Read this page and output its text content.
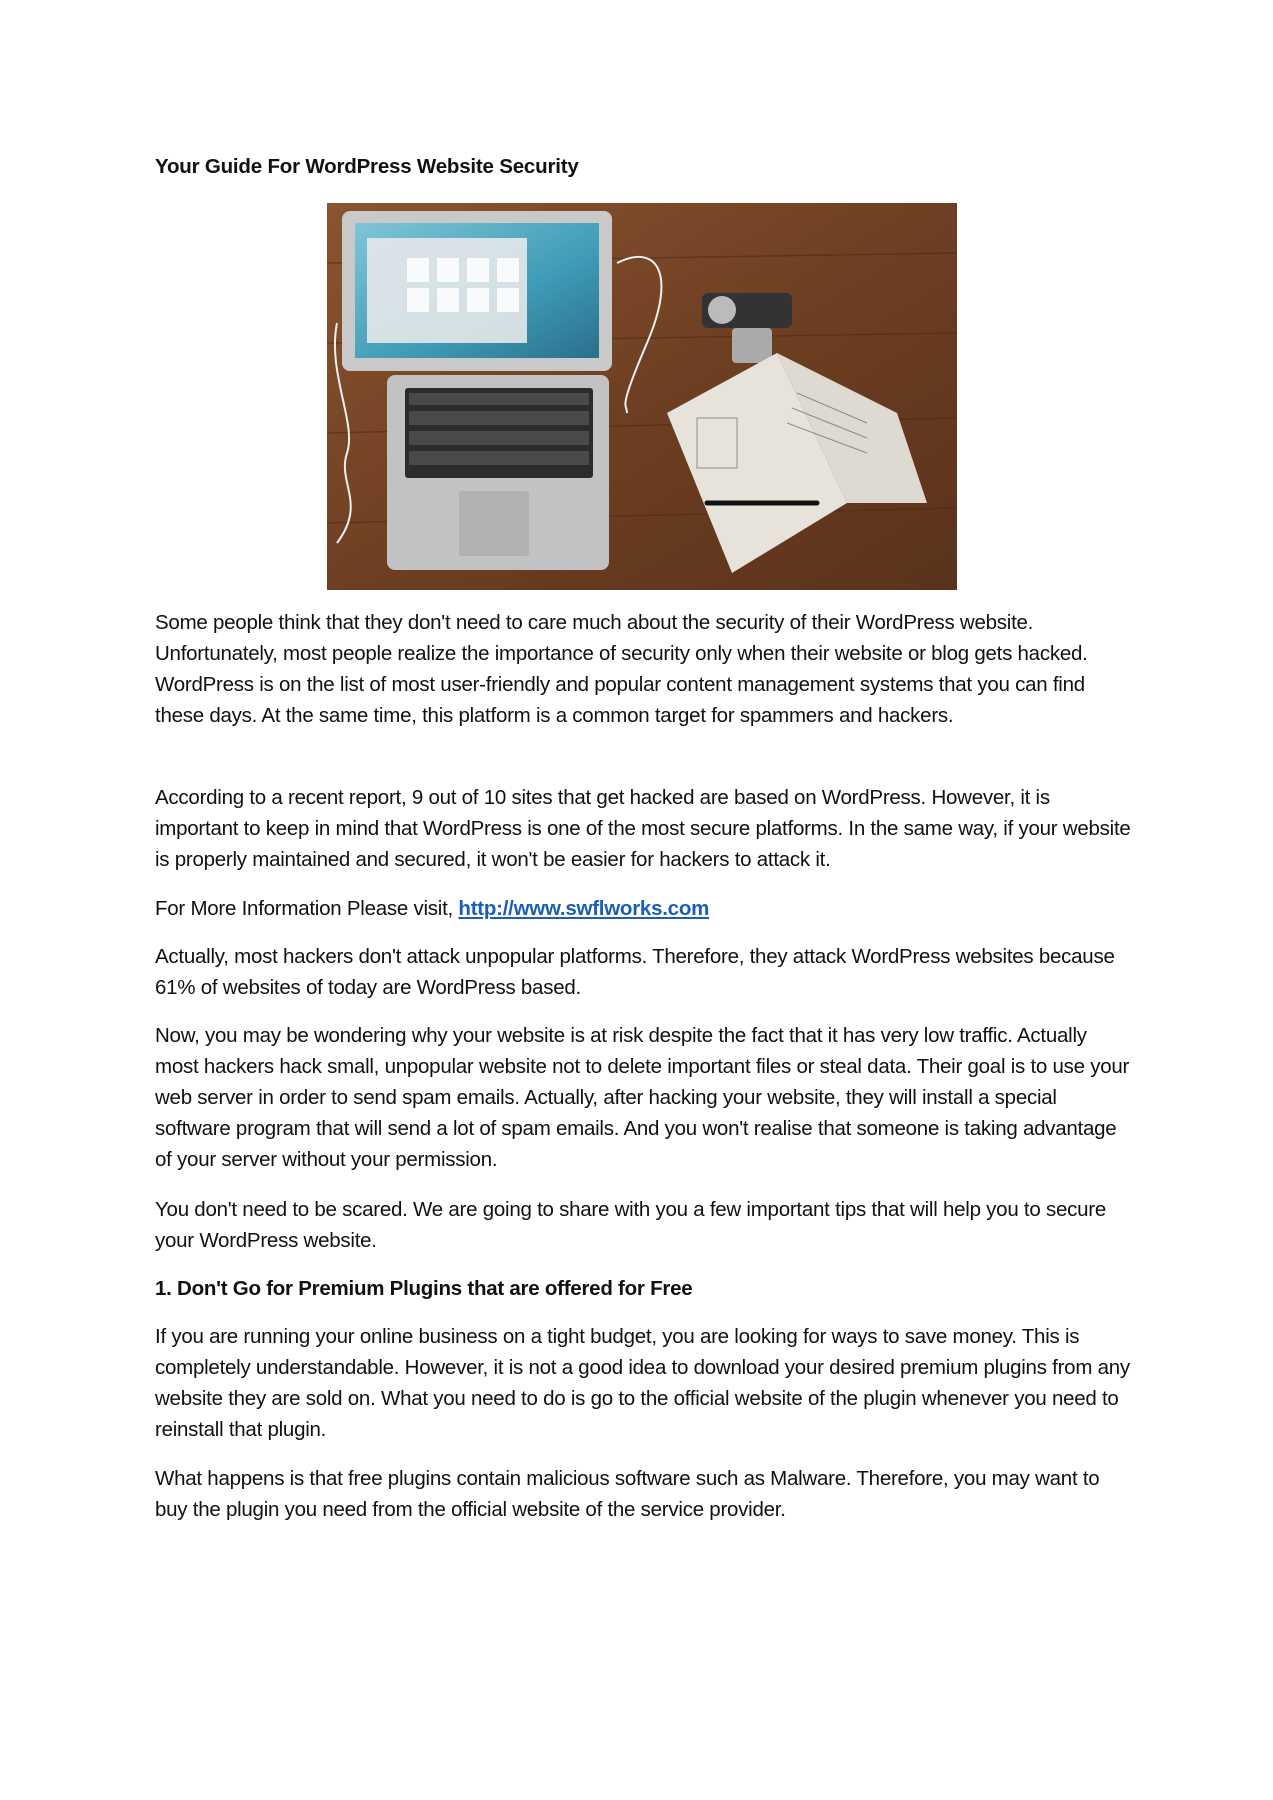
Your Guide For WordPress Website Security

Some people think that they don't need to care much about the security of their WordPress website. Unfortunately, most people realize the importance of security only when their website or blog gets hacked. WordPress is on the list of most user-friendly and popular content management systems that you can find these days. At the same time, this platform is a common target for spammers and hackers.

According to a recent report, 9 out of 10 sites that get hacked are based on WordPress. However, it is important to keep in mind that WordPress is one of the most secure platforms. In the same way, if your website is properly maintained and secured, it won't be easier for hackers to attack it.

For More Information Please visit, http://www.swflworks.com

Actually, most hackers don't attack unpopular platforms. Therefore, they attack WordPress websites because 61% of websites of today are WordPress based.

Now, you may be wondering why your website is at risk despite the fact that it has very low traffic. Actually most hackers hack small, unpopular website not to delete important files or steal data. Their goal is to use your web server in order to send spam emails. Actually, after hacking your website, they will install a special software program that will send a lot of spam emails. And you won't realise that someone is taking advantage of your server without your permission.

You don't need to be scared. We are going to share with you a few important tips that will help you to secure your WordPress website.

1. Don't Go for Premium Plugins that are offered for Free

If you are running your online business on a tight budget, you are looking for ways to save money. This is completely understandable. However, it is not a good idea to download your desired premium plugins from any website they are sold on. What you need to do is go to the official website of the plugin whenever you need to reinstall that plugin.

What happens is that free plugins contain malicious software such as Malware. Therefore, you may want to buy the plugin you need from the official website of the service provider.
